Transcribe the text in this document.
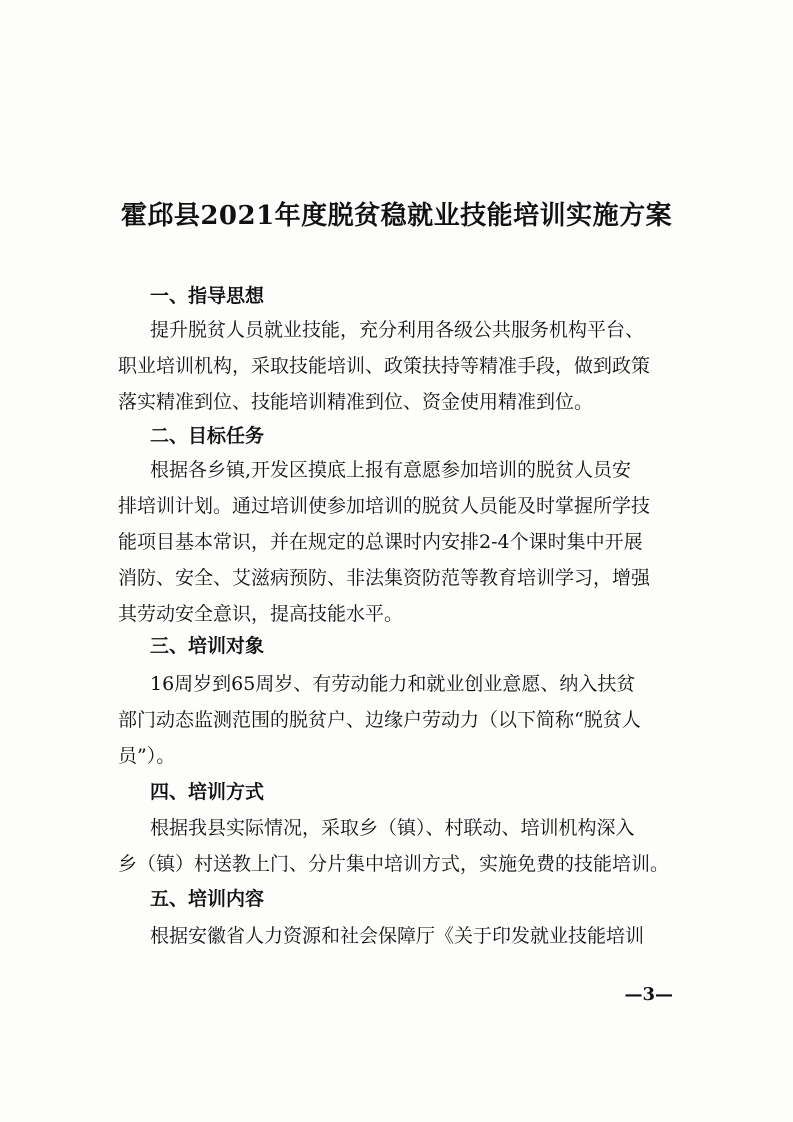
霍邱县2021年度脱贫稳就业技能培训实施方案
一、指导思想
提升脱贫人员就业技能，充分利用各级公共服务机构平台、
职业培训机构，采取技能培训、政策扶持等精准手段，做到政策
落实精准到位、技能培训精准到位、资金使用精准到位。
二、目标任务
根据各乡镇,开发区摸底上报有意愿参加培训的脱贫人员安
排培训计划。通过培训使参加培训的脱贫人员能及时掌握所学技
能项目基本常识，并在规定的总课时内安排2-4个课时集中开展
消防、安全、艾滋病预防、非法集资防范等教育培训学习，增强
其劳动安全意识，提高技能水平。
三、培训对象
16周岁到65周岁、有劳动能力和就业创业意愿、纳入扶贫
部门动态监测范围的脱贫户、边缘户劳动力（以下简称“脱贫人
员”）。
四、培训方式
根据我县实际情况，采取乡（镇）、村联动、培训机构深入
乡（镇）村送教上门、分片集中培训方式，实施免费的技能培训。
五、培训内容
根据安徽省人力资源和社会保障厅《关于印发就业技能培训
—3—
